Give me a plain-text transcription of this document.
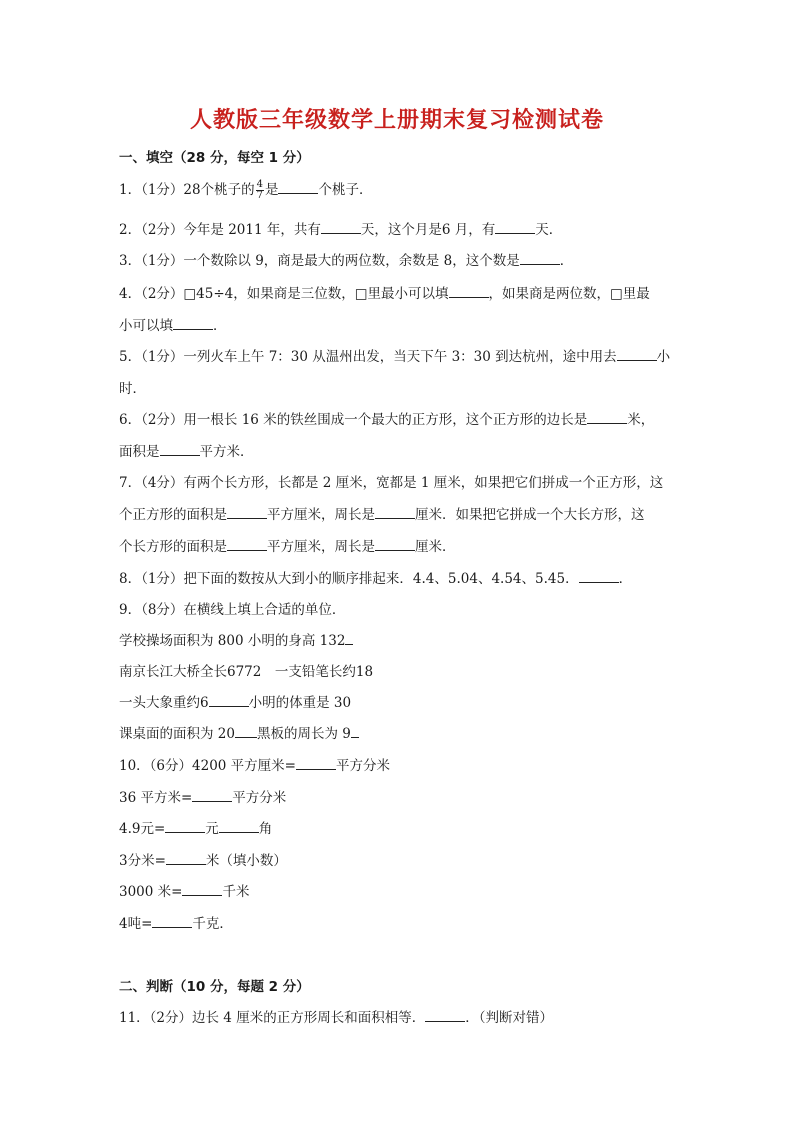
人教版三年级数学上册期末复习检测试卷
一、填空（28 分，每空 1 分）
1．（1分）28个桃子的 $\frac{4}{7}$ 是	个桃子．
2．（2分）今年是 2011 年，共有	天，这个月是6 月，有	天．
3．（1分）一个数除以 9，商是最大的两位数，余数是 8，这个数是	．
4．（2分）□45÷4，如果商是三位数，□里最小可以填	，如果商是两位数，□里最
小可以填	．
5．（1分）一列火车上午 7：30 从温州出发，当天下午 3：30 到达杭州，途中用去	小
时．
6．（2分）用一根长 16 米的铁丝围成一个最大的正方形，这个正方形的边长是	米，
面积是	平方米．
7．（4分）有两个长方形，长都是 2 厘米，宽都是 1 厘米，如果把它们拼成一个正方形，这
个正方形的面积是	平方厘米，周长是	厘米．如果把它拼成一个大长方形，这
个长方形的面积是	平方厘米，周长是	厘米．
8．（1分）把下面的数按从大到小的顺序排起来．4.4、5.04、4.54、5.45．	．
9．（8分）在横线上填上合适的单位．
学校操场面积为 800 小明的身高 132
南京长江大桥全长6772　一支铅笔长约18
一头大象重约6	小明的体重是 30
课桌面的面积为 20 黑板的周长为 9
10．（6分）4200 平方厘米=	平方分米
36 平方米=	平方分米
4.9元=	元	角
3分米=	米（填小数）
3000 米=	千米
4吨=	千克．
二、判断（10 分，每题 2 分）
11．（2分）边长 4 厘米的正方形周长和面积相等．	．（判断对错）
